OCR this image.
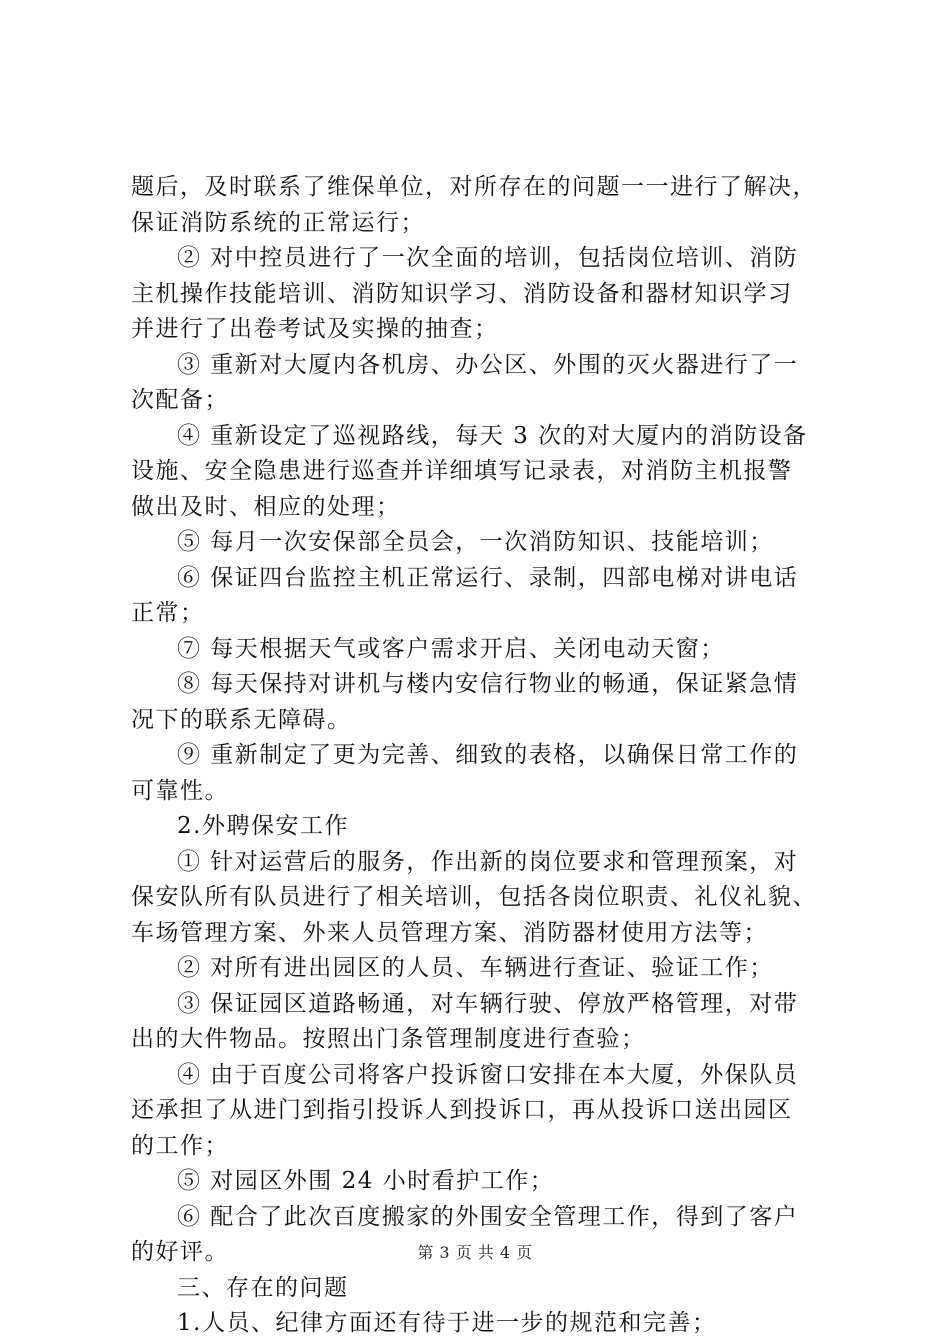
题后，及时联系了维保单位，对所存在的问题一一进行了解决，
保证消防系统的正常运行；
② 对中控员进行了一次全面的培训，包括岗位培训、消防
主机操作技能培训、消防知识学习、消防设备和器材知识学习
并进行了出卷考试及实操的抽查；
③ 重新对大厦内各机房、办公区、外围的灭火器进行了一
次配备；
④ 重新设定了巡视路线，每天 3 次的对大厦内的消防设备
设施、安全隐患进行巡查并详细填写记录表，对消防主机报警
做出及时、相应的处理；
⑤ 每月一次安保部全员会，一次消防知识、技能培训；
⑥ 保证四台监控主机正常运行、录制，四部电梯对讲电话
正常；
⑦ 每天根据天气或客户需求开启、关闭电动天窗；
⑧ 每天保持对讲机与楼内安信行物业的畅通，保证紧急情
况下的联系无障碍。
⑨ 重新制定了更为完善、细致的表格，以确保日常工作的
可靠性。
2.外聘保安工作
① 针对运营后的服务，作出新的岗位要求和管理预案，对
保安队所有队员进行了相关培训，包括各岗位职责、礼仪礼貌、
车场管理方案、外来人员管理方案、消防器材使用方法等；
② 对所有进出园区的人员、车辆进行查证、验证工作；
③ 保证园区道路畅通，对车辆行驶、停放严格管理，对带
出的大件物品。按照出门条管理制度进行查验；
④ 由于百度公司将客户投诉窗口安排在本大厦，外保队员
还承担了从进门到指引投诉人到投诉口，再从投诉口送出园区
的工作；
⑤ 对园区外围 24 小时看护工作；
⑥ 配合了此次百度搬家的外围安全管理工作，得到了客户
的好评。
三、存在的问题
1.人员、纪律方面还有待于进一步的规范和完善；
第 3 页 共 4 页
